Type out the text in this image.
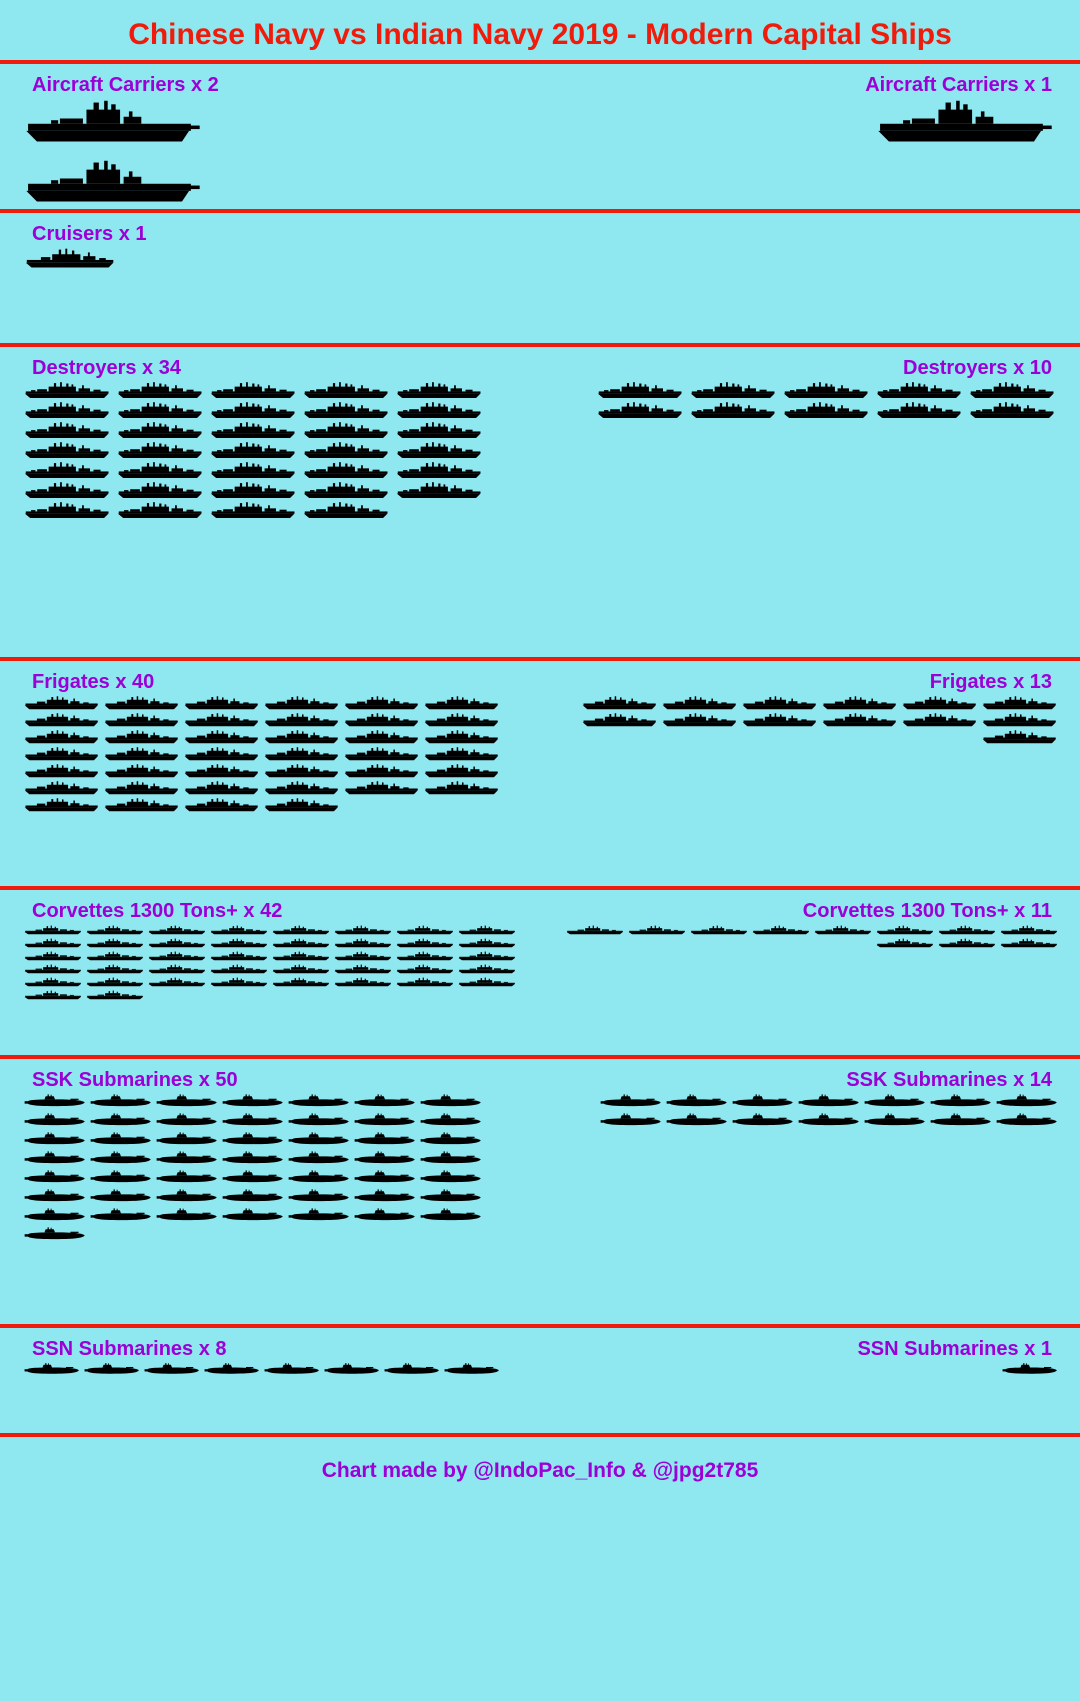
Chinese Navy vs Indian Navy 2019 - Modern Capital Ships
Aircraft Carriers x 2	Aircraft Carriers x 1
Cruisers x 1
Destroyers x 34	Destroyers x 10
Frigates x 40	Frigates x 13
Corvettes 1300 Tons+ x 42	Corvettes 1300 Tons+ x 11
SSK Submarines x 50	SSK Submarines x 14
SSN Submarines x 8	SSN Submarines x 1
Chart made by @IndoPac_Info & @jpg2t785
